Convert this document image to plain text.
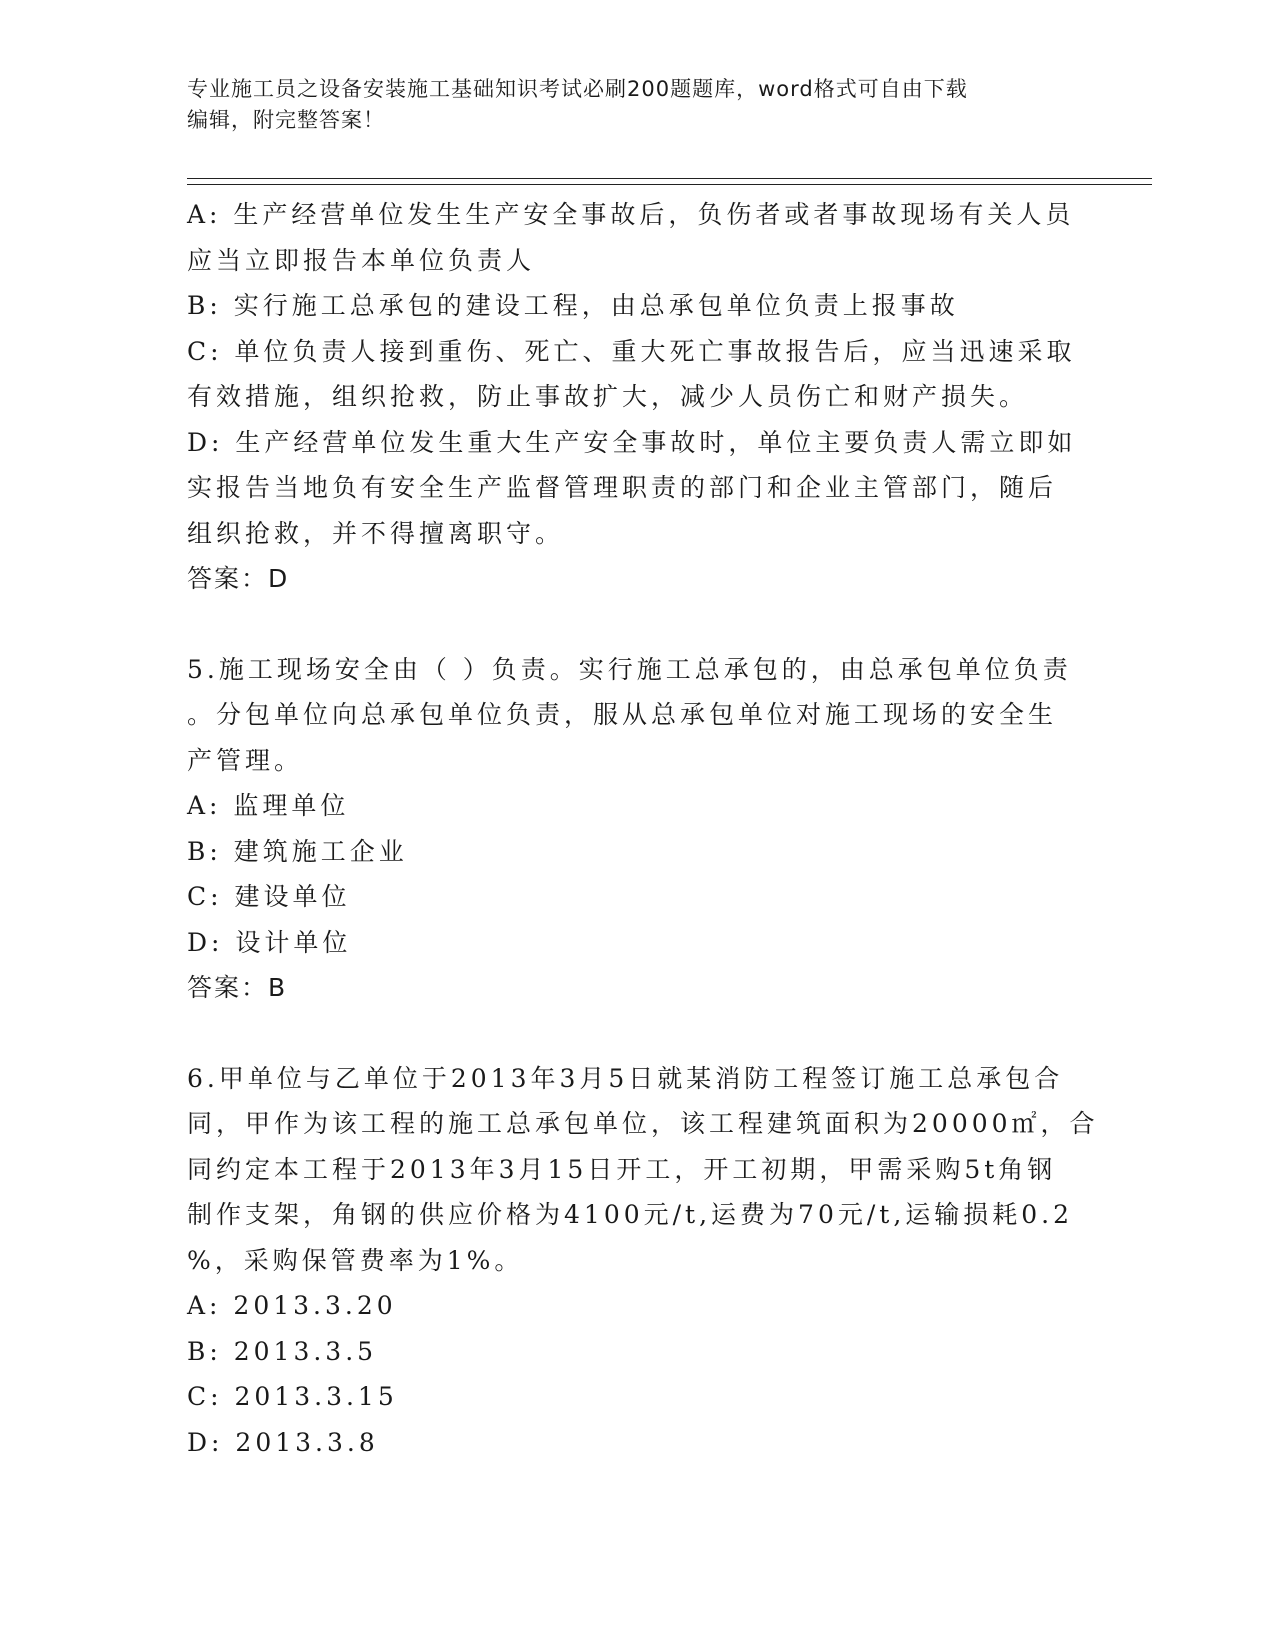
专业施工员之设备安装施工基础知识考试必刷200题题库，word格式可自由下载
编辑，附完整答案！
A: 生产经营单位发生生产安全事故后，负伤者或者事故现场有关人员
应当立即报告本单位负责人
B: 实行施工总承包的建设工程，由总承包单位负责上报事故
C: 单位负责人接到重伤、死亡、重大死亡事故报告后，应当迅速采取
有效措施，组织抢救，防止事故扩大，减少人员伤亡和财产损失。
D: 生产经营单位发生重大生产安全事故时，单位主要负责人需立即如
实报告当地负有安全生产监督管理职责的部门和企业主管部门，随后
组织抢救，并不得擅离职守。
答案：D
5.施工现场安全由（ ）负责。实行施工总承包的，由总承包单位负责
。分包单位向总承包单位负责，服从总承包单位对施工现场的安全生
产管理。
A: 监理单位
B: 建筑施工企业
C: 建设单位
D: 设计单位
答案：B
6.甲单位与乙单位于2013年3月5日就某消防工程签订施工总承包合
同，甲作为该工程的施工总承包单位，该工程建筑面积为20000㎡，合
同约定本工程于2013年3月15日开工，开工初期，甲需采购5t角钢
制作支架，角钢的供应价格为4100元/t,运费为70元/t,运输损耗0.2
%，采购保管费率为1%。
A: 2013.3.20
B: 2013.3.5
C: 2013.3.15
D: 2013.3.8
